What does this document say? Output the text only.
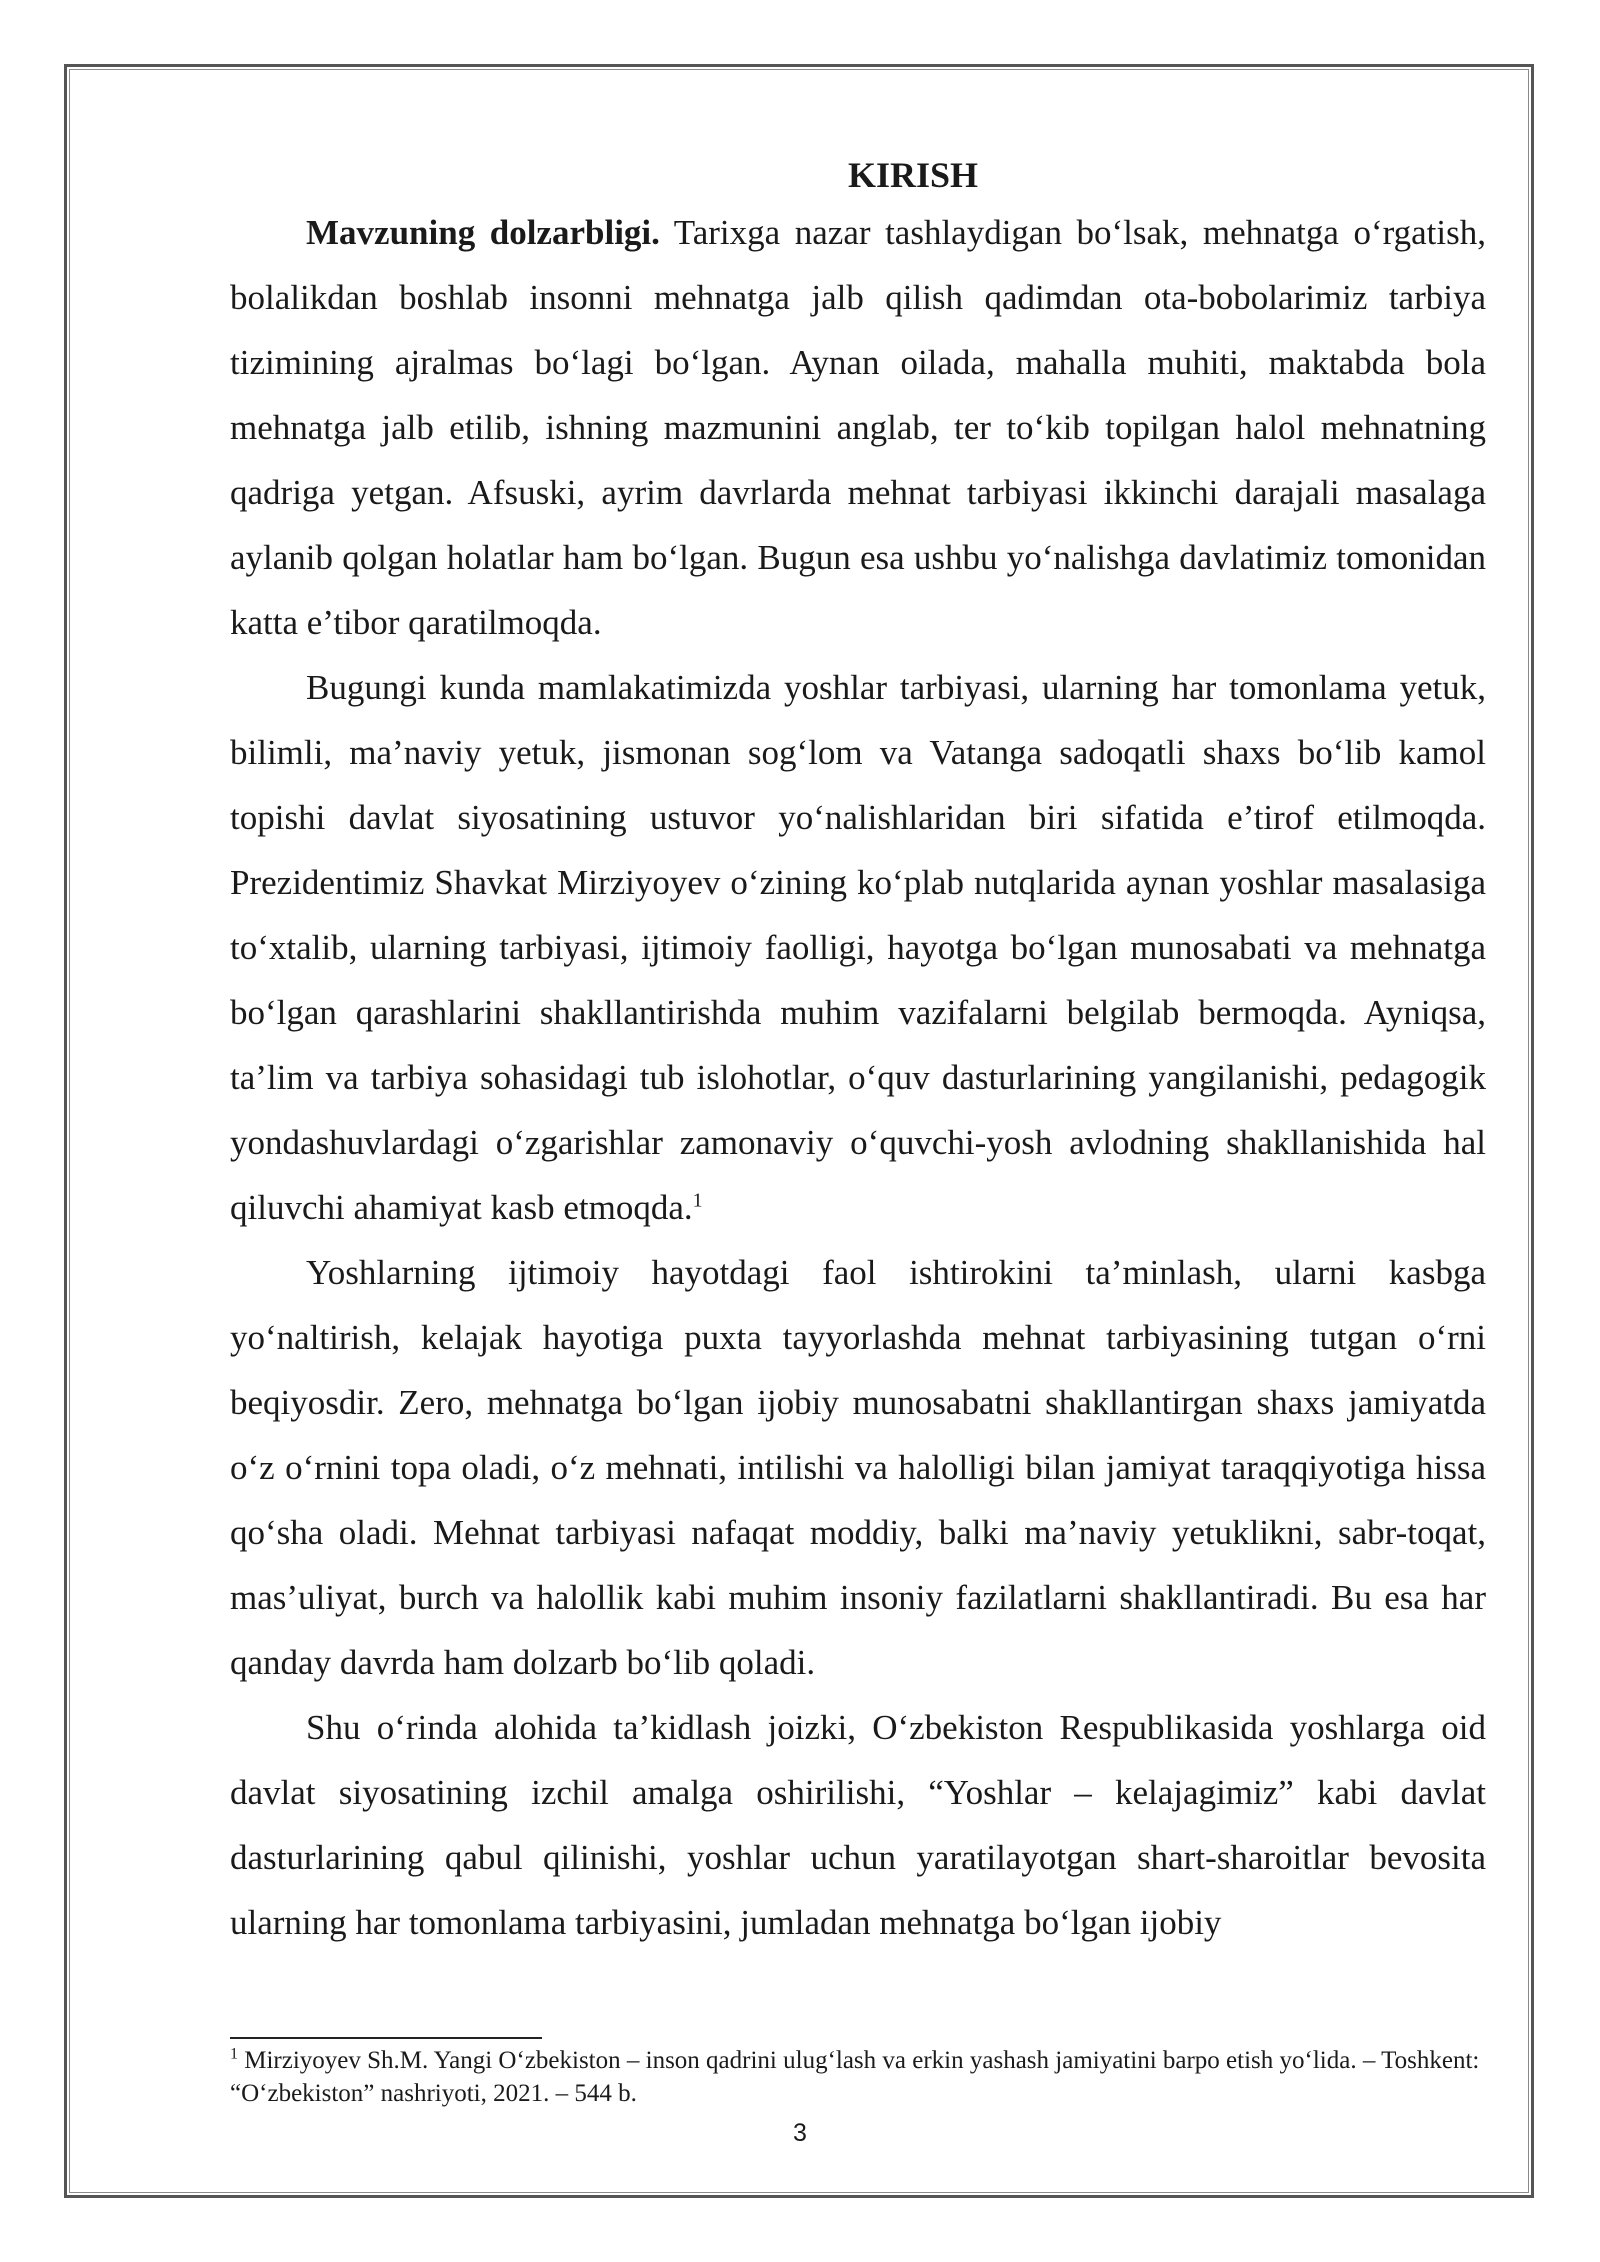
KIRISH

Mavzuning dolzarbligi. Tarixga nazar tashlaydigan bo‘lsak, mehnatga o‘rgatish, bolalikdan boshlab insonni mehnatga jalb qilish qadimdan ota-bobolarimiz tarbiya tizimining ajralmas bo‘lagi bo‘lgan. Aynan oilada, mahalla muhiti, maktabda bola mehnatga jalb etilib, ishning mazmunini anglab, ter to‘kib topilgan halol mehnatning qadriga yetgan. Afsuski, ayrim davrlarda mehnat tarbiyasi ikkinchi darajali masalaga aylanib qolgan holatlar ham bo‘lgan. Bugun esa ushbu yo‘nalishga davlatimiz tomonidan katta e’tibor qaratilmoqda.

Bugungi kunda mamlakatimizda yoshlar tarbiyasi, ularning har tomonlama yetuk, bilimli, ma’naviy yetuk, jismonan sog‘lom va Vatanga sadoqatli shaxs bo‘lib kamol topishi davlat siyosatining ustuvor yo‘nalishlaridan biri sifatida e’tirof etilmoqda. Prezidentimiz Shavkat Mirziyoyev o‘zining ko‘plab nutqlarida aynan yoshlar masalasiga to‘xtalib, ularning tarbiyasi, ijtimoiy faolligi, hayotga bo‘lgan munosabati va mehnatga bo‘lgan qarashlarini shakllantirishda muhim vazifalarni belgilab bermoqda. Ayniqsa, ta’lim va tarbiya sohasidagi tub islohotlar, o‘quv dasturlarining yangilanishi, pedagogik yondashuvlardagi o‘zgarishlar zamonaviy o‘quvchi-yosh avlodning shakllanishida hal qiluvchi ahamiyat kasb etmoqda.$^1$

Yoshlarning ijtimoiy hayotdagi faol ishtirokini ta’minlash, ularni kasbga yo‘naltirish, kelajak hayotiga puxta tayyorlashda mehnat tarbiyasining tutgan o‘rni beqiyosdir. Zero, mehnatga bo‘lgan ijobiy munosabatni shakllantirgan shaxs jamiyatda o‘z o‘rnini topa oladi, o‘z mehnati, intilishi va halolligi bilan jamiyat taraqqiyotiga hissa qo‘sha oladi. Mehnat tarbiyasi nafaqat moddiy, balki ma’naviy yetuklikni, sabr-toqat, mas’uliyat, burch va halollik kabi muhim insoniy fazilatlarni shakllantiradi. Bu esa har qanday davrda ham dolzarb bo‘lib qoladi.

Shu o‘rinda alohida ta’kidlash joizki, O‘zbekiston Respublikasida yoshlarga oid davlat siyosatining izchil amalga oshirilishi, “Yoshlar – kelajagimiz” kabi davlat dasturlarining qabul qilinishi, yoshlar uchun yaratilayotgan shart-sharoitlar bevosita ularning har tomonlama tarbiyasini, jumladan mehnatga bo‘lgan ijobiy

$^1$ Mirziyoyev Sh.M. Yangi O‘zbekiston – inson qadrini ulug‘lash va erkin yashash jamiyatini barpo etish yo‘lida. – Toshkent: “O‘zbekiston” nashriyoti, 2021. – 544 b.

3
